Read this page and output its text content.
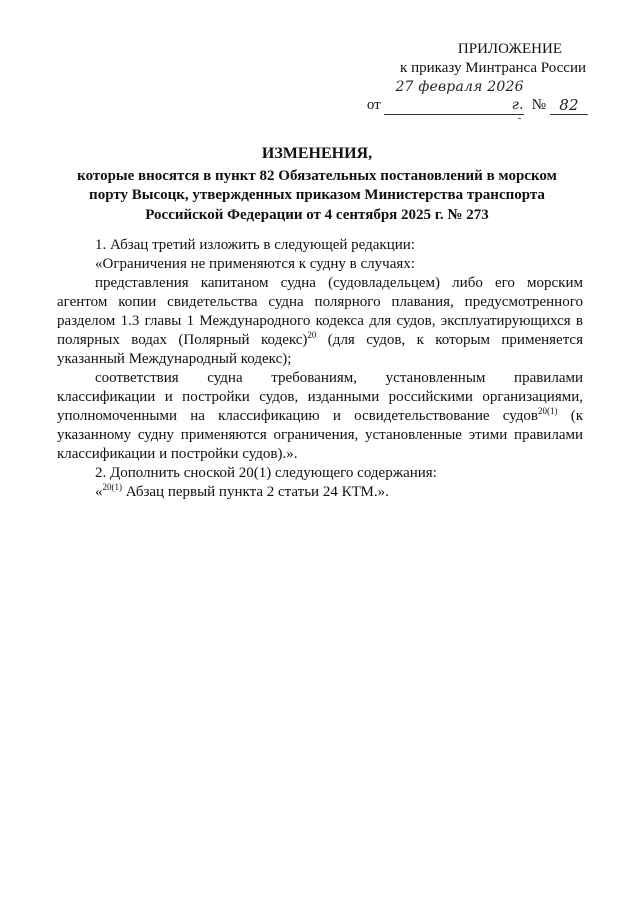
ПРИЛОЖЕНИЕ
к приказу Минтранса России
от
27 февраля 2026 г. № 82
ИЗМЕНЕНИЯ,
которые вносятся в пункт 82 Обязательных постановлений в морском порту Высоцк, утвержденных приказом Министерства транспорта Российской Федерации от 4 сентября 2025 г. № 273

1. Абзац третий изложить в следующей редакции:

«Ограничения не применяются к судну в случаях:

представления капитаном судна (судовладельцем) либо его морским агентом копии свидетельства судна полярного плавания, предусмотренного разделом 1.3 главы 1 Международного кодекса для судов, эксплуатирующихся в полярных водах (Полярный кодекс)$^{20}$ (для судов, к которым применяется указанный Международный кодекс);

соответствия судна требованиям, установленным правилами классификации и постройки судов, изданными российскими организациями, уполномоченными на классификацию и освидетельствование судов$^{20(1)}$ (к указанному судну применяются ограничения, установленные этими правилами классификации и постройки судов).».

2. Дополнить сноской 20(1) следующего содержания:

«$^{20(1)}$ Абзац первый пункта 2 статьи 24 КТМ.».
